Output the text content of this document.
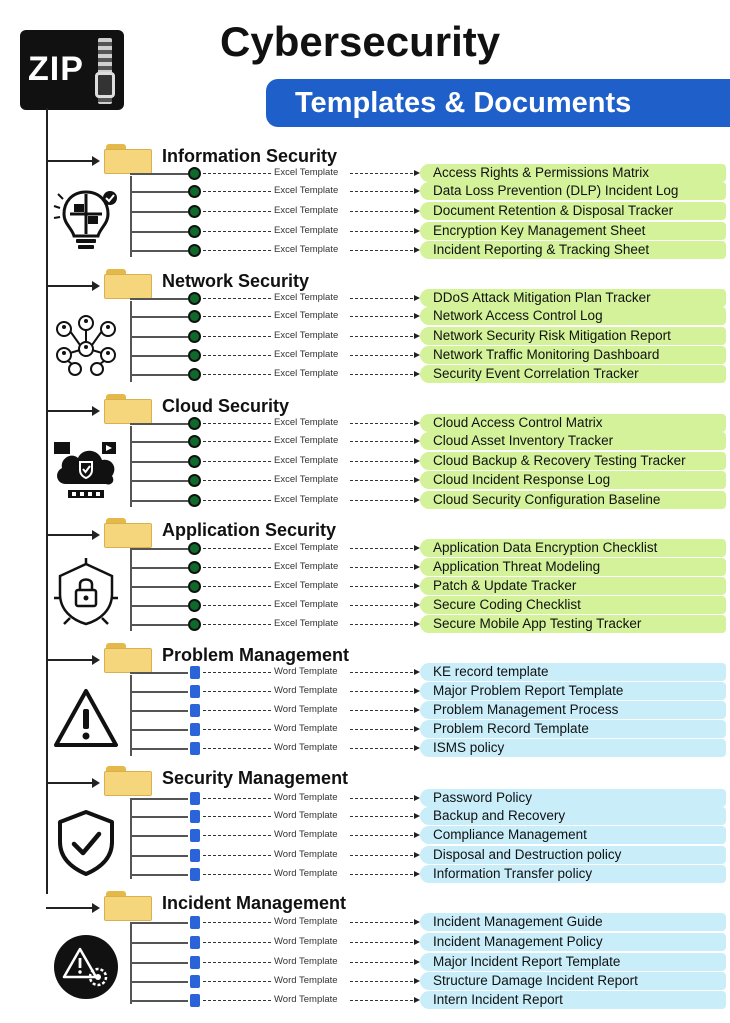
ZIP
Cybersecurity
Templates & Documents
Information Security
Excel Template	Access Rights & Permissions Matrix
Excel Template	Data Loss Prevention (DLP) Incident Log
Excel Template	Document Retention & Disposal Tracker
Excel Template	Encryption Key Management Sheet
Excel Template	Incident Reporting & Tracking Sheet
Network Security
Excel Template	DDoS Attack Mitigation Plan Tracker
Excel Template	Network Access Control Log
Excel Template	Network Security Risk Mitigation Report
Excel Template	Network Traffic Monitoring Dashboard
Excel Template	Security Event Correlation Tracker
Cloud Security
Excel Template	Cloud Access Control Matrix
Excel Template	Cloud Asset Inventory Tracker
Excel Template	Cloud Backup & Recovery Testing Tracker
Excel Template	Cloud Incident Response Log
Excel Template	Cloud Security Configuration Baseline
Application Security
Excel Template	Application Data Encryption Checklist
Excel Template	Application Threat Modeling
Excel Template	Patch & Update Tracker
Excel Template	Secure Coding Checklist
Excel Template	Secure Mobile App Testing Tracker
Problem Management
Word Template	KE record template
Word Template	Major Problem Report Template
Word Template	Problem Management Process
Word Template	Problem Record Template
Word Template	ISMS policy
Security Management
Word Template	Password Policy
Word Template	Backup and Recovery
Word Template	Compliance Management
Word Template	Disposal and Destruction policy
Word Template	Information Transfer policy
Incident Management
Word Template	Incident Management Guide
Word Template	Incident Management Policy
Word Template	Major Incident Report Template
Word Template	Structure Damage Incident Report
Word Template	Intern Incident Report
